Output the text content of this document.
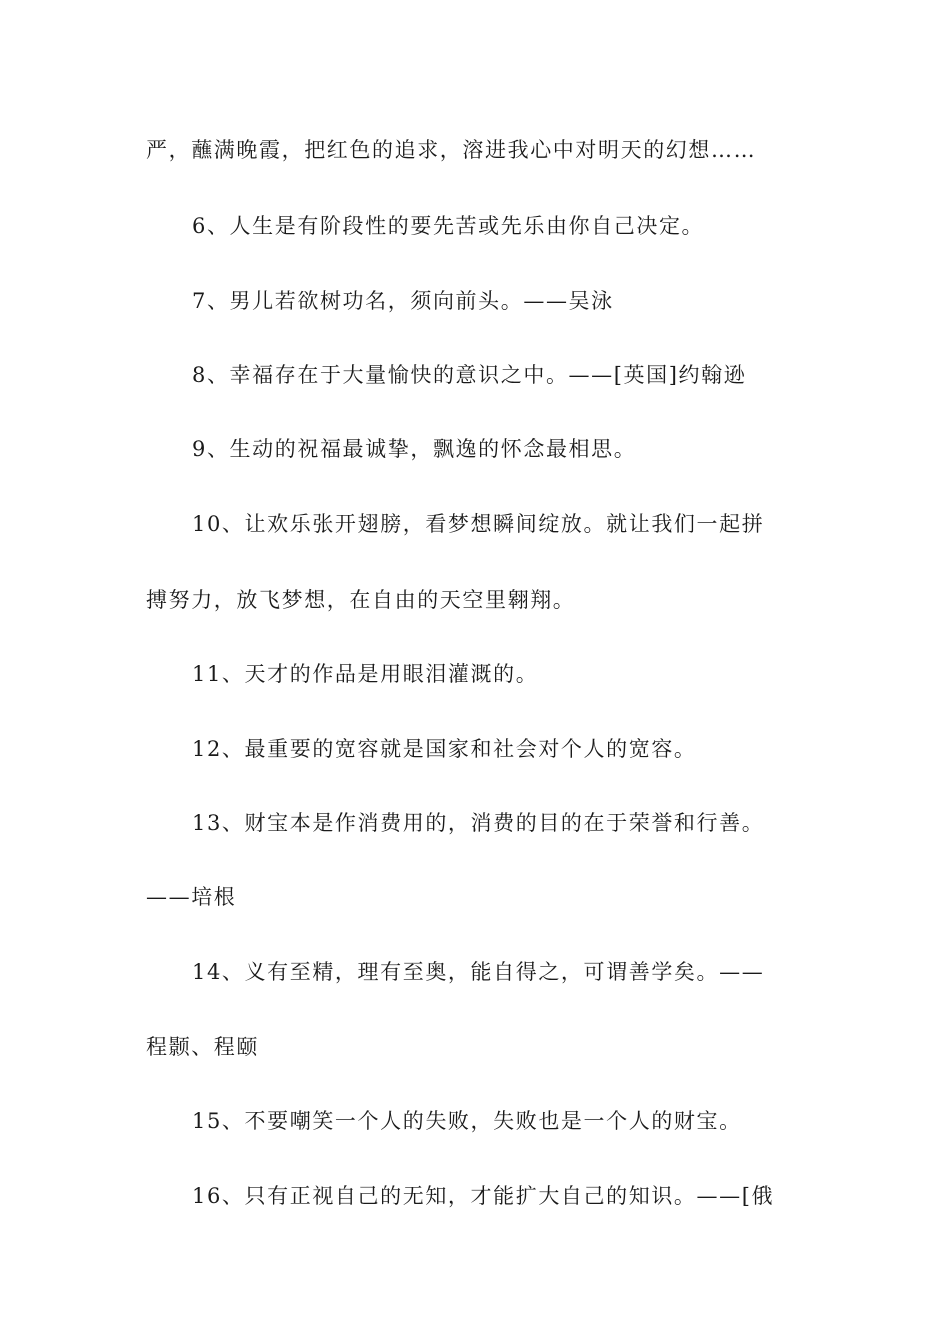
严，蘸满晚霞，把红色的追求，溶进我心中对明天的幻想……
6、人生是有阶段性的要先苦或先乐由你自己决定。
7、男儿若欲树功名，须向前头。——吴泳
8、幸福存在于大量愉快的意识之中。——[英国]约翰逊
9、生动的祝福最诚挚，飘逸的怀念最相思。
10、让欢乐张开翅膀，看梦想瞬间绽放。就让我们一起拼
搏努力，放飞梦想，在自由的天空里翱翔。
11、天才的作品是用眼泪灌溉的。
12、最重要的宽容就是国家和社会对个人的宽容。
13、财宝本是作消费用的，消费的目的在于荣誉和行善。
——培根
14、义有至精，理有至奥，能自得之，可谓善学矣。——
程颢、程颐
15、不要嘲笑一个人的失败，失败也是一个人的财宝。
16、只有正视自己的无知，才能扩大自己的知识。——[俄
